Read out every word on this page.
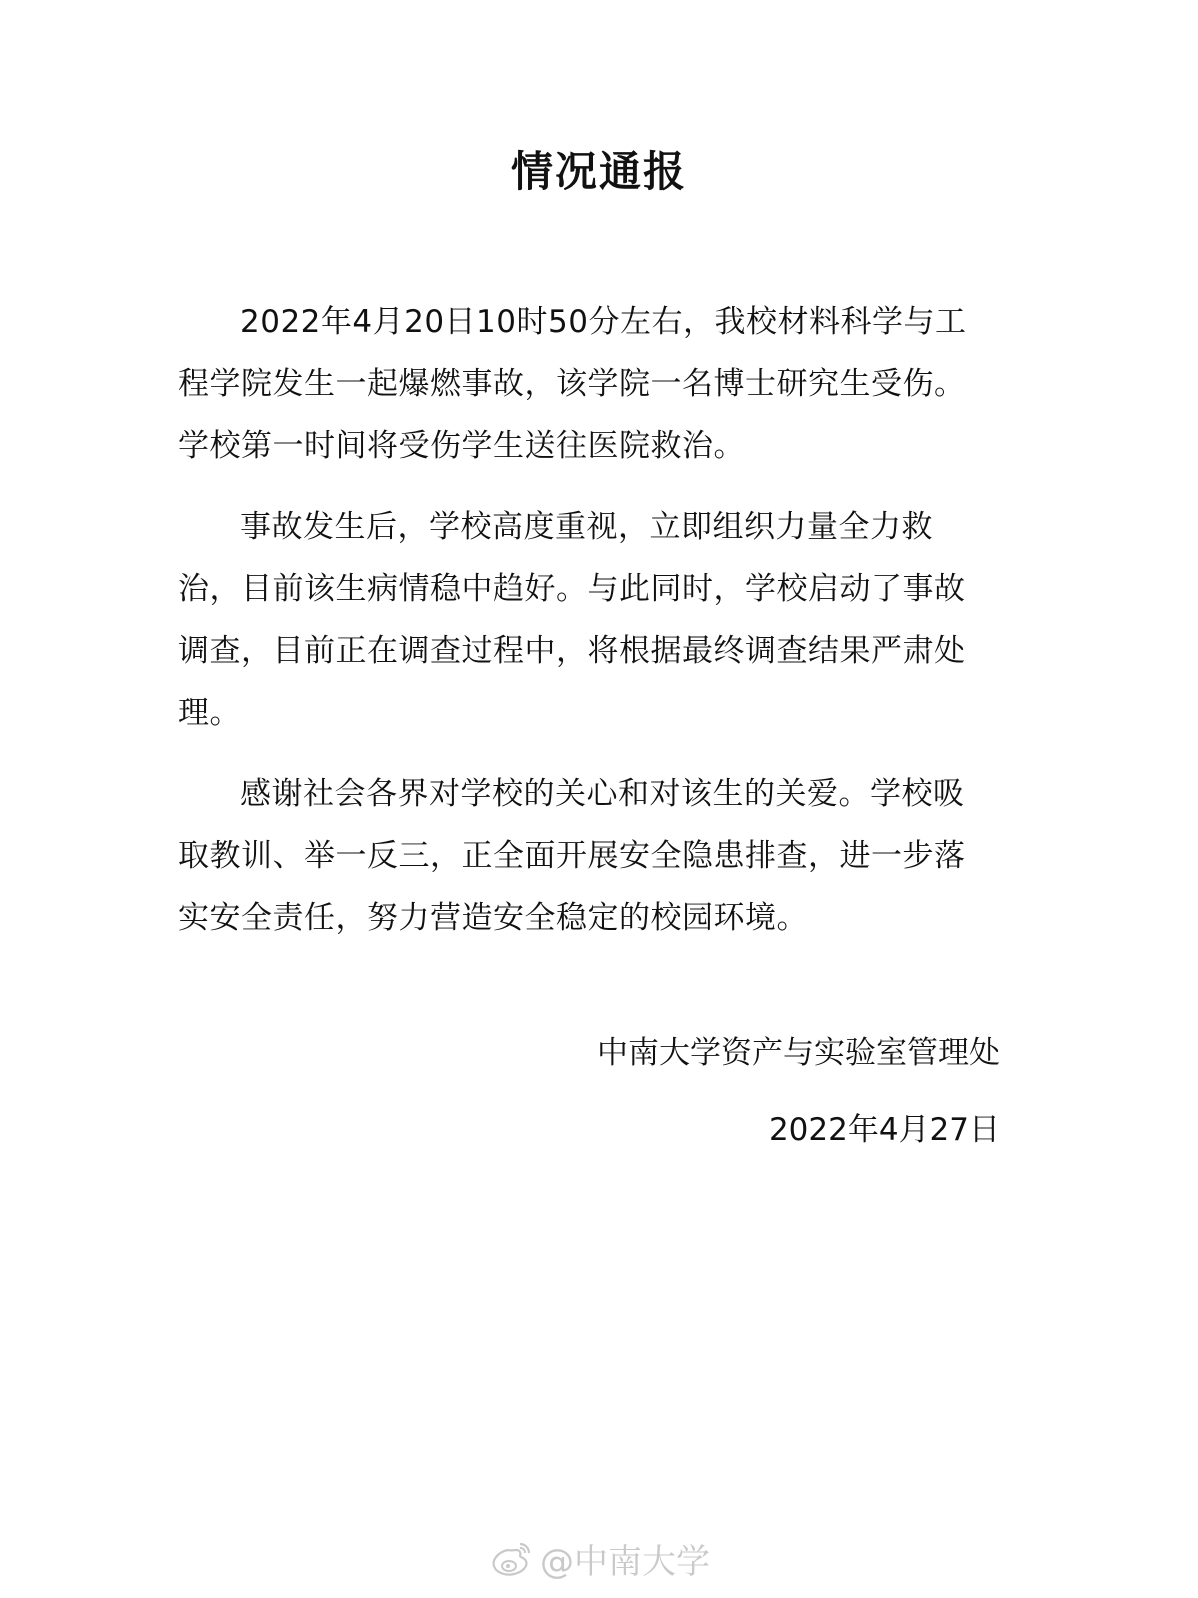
情况通报

2022年4月20日10时50分左右，我校材料科学与工程学院发生一起爆燃事故，该学院一名博士研究生受伤。学校第一时间将受伤学生送往医院救治。

事故发生后，学校高度重视，立即组织力量全力救治，目前该生病情稳中趋好。与此同时，学校启动了事故调查，目前正在调查过程中，将根据最终调查结果严肃处理。

感谢社会各界对学校的关心和对该生的关爱。学校吸取教训、举一反三，正全面开展安全隐患排查，进一步落实安全责任，努力营造安全稳定的校园环境。

中南大学资产与实验室管理处
2022年4月27日
@中南大学
